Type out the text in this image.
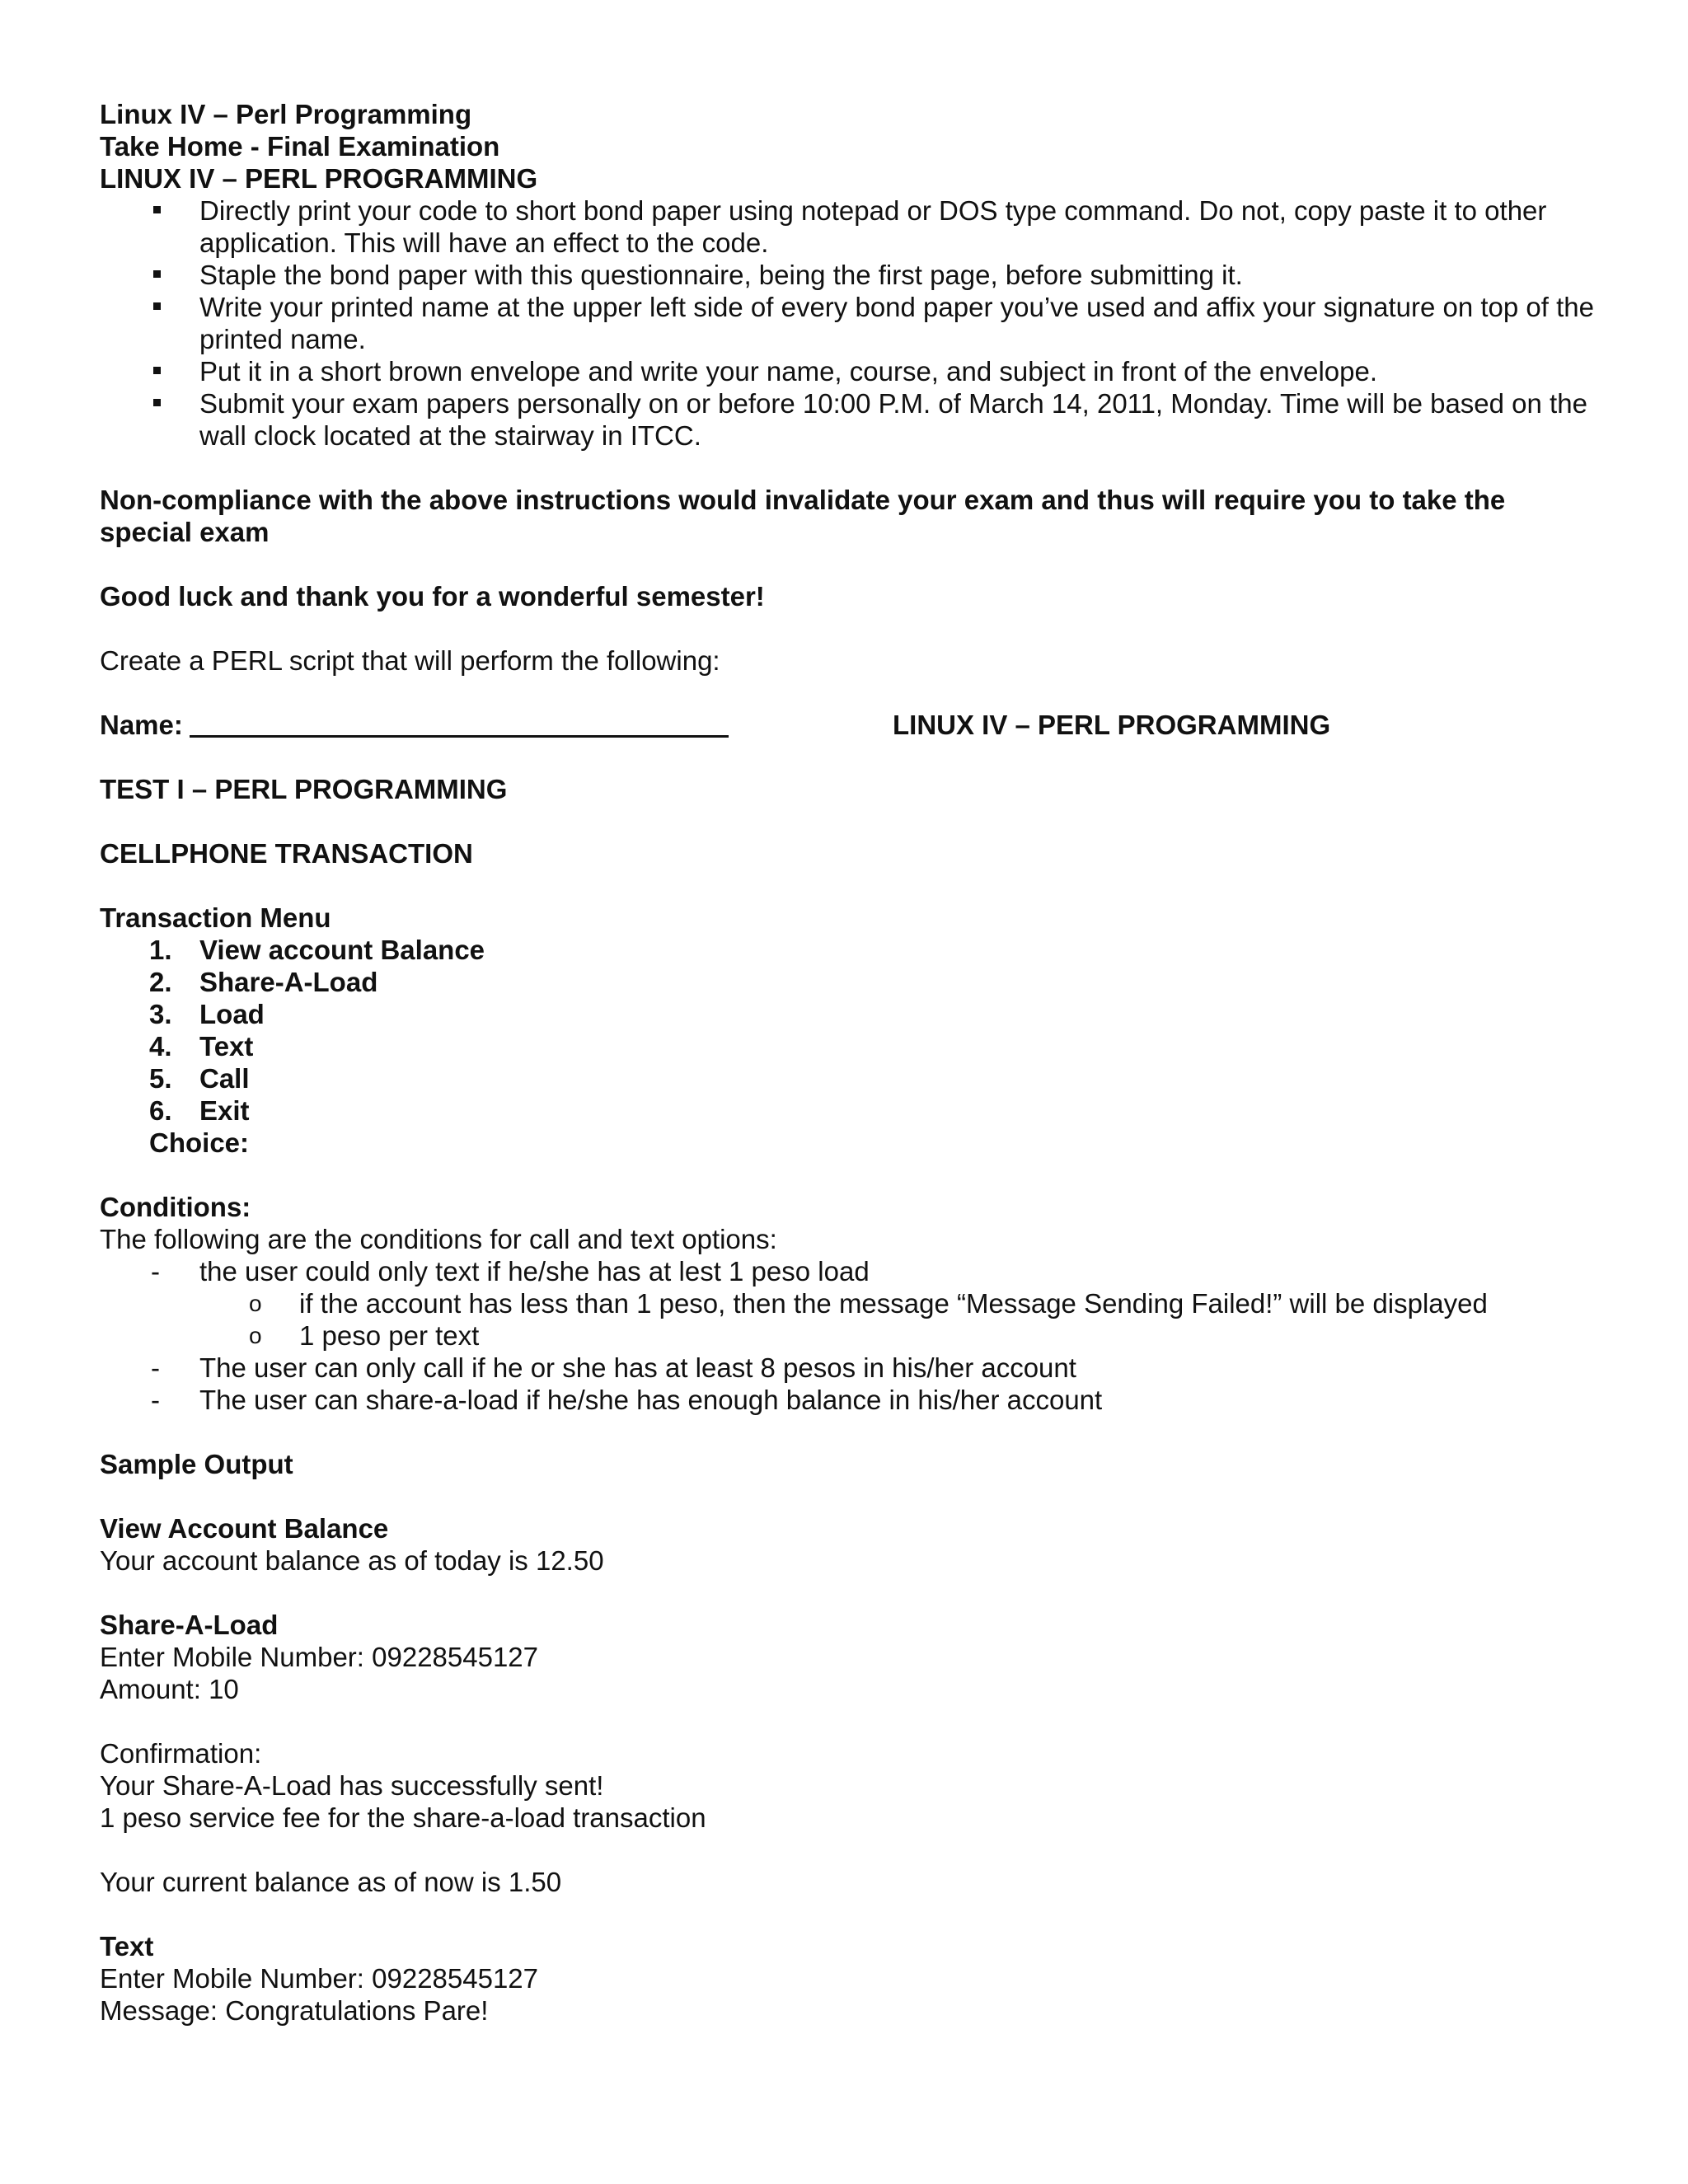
Linux IV – Perl Programming
Take Home - Final Examination
LINUX IV – PERL PROGRAMMING
Directly print your code to short bond paper using notepad or DOS type command. Do not, copy paste it to other application. This will have an effect to the code.
Staple the bond paper with this questionnaire, being the first page, before submitting it.
Write your printed name at the upper left side of every bond paper you’ve used and affix your signature on top of the printed name.
Put it in a short brown envelope and write your name, course, and subject in front of the envelope.
Submit your exam papers personally on or before 10:00 P.M. of March 14, 2011, Monday. Time will be based on the wall clock located at the stairway in ITCC.
Non-compliance with the above instructions would invalidate your exam and thus will require you to take the special exam
Good luck and thank you for a wonderful semester!
Create a PERL script that will perform the following:
Name:	LINUX IV – PERL PROGRAMMING
TEST I – PERL PROGRAMMING
CELLPHONE TRANSACTION
Transaction Menu
1. View account Balance
2. Share-A-Load
3. Load
4. Text
5. Call
6. Exit
Choice:
Conditions:
The following are the conditions for call and text options:
- the user could only text if he/she has at lest 1 peso load
o if the account has less than 1 peso, then the message “Message Sending Failed!” will be displayed
o 1 peso per text
- The user can only call if he or she has at least 8 pesos in his/her account
- The user can share-a-load if he/she has enough balance in his/her account
Sample Output
View Account Balance
Your account balance as of today is 12.50
Share-A-Load
Enter Mobile Number: 09228545127
Amount: 10
Confirmation:
Your Share-A-Load has successfully sent!
1 peso service fee for the share-a-load transaction
Your current balance as of now is 1.50
Text
Enter Mobile Number: 09228545127
Message: Congratulations Pare!
